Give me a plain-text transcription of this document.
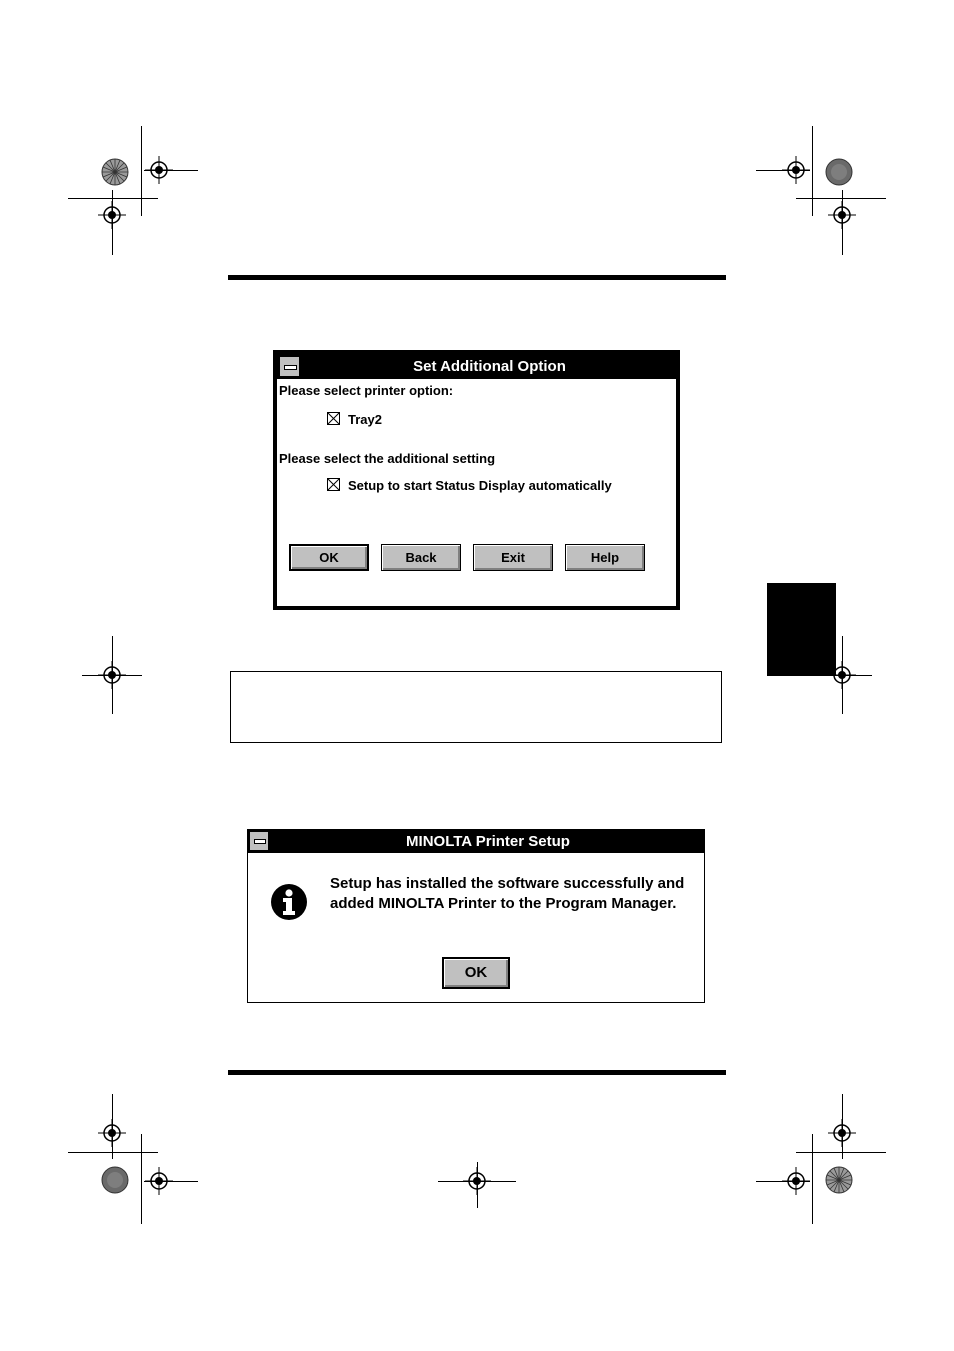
Set Additional Option
Please select printer option:
Tray2
Please select the additional setting
Setup to start Status Display automatically
OK	Back	Exit	Help
MINOLTA Printer Setup
Setup has installed the software successfully and added MINOLTA Printer to the Program Manager.
OK
